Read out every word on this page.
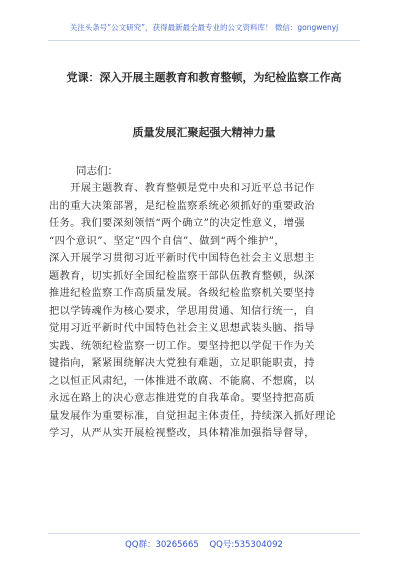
关注头条号“公文研究”，获得最新最全最专业的公文资料库！ 微信：gongwenyj
党课：深入开展主题教育和教育整顿，为纪检监察工作高
质量发展汇聚起强大精神力量
同志们：
　　开展主题教育、教育整顿是党中央和习近平总书记作
出的重大决策部署，是纪检监察系统必须抓好的重要政治
任务。我们要深刻领悟“两个确立”的决定性意义，增强
“四个意识”、坚定“四个自信”、做到“两个维护”，
深入开展学习贯彻习近平新时代中国特色社会主义思想主
题教育，切实抓好全国纪检监察干部队伍教育整顿，纵深
推进纪检监察工作高质量发展。各级纪检监察机关要坚持
把以学铸魂作为核心要求，学思用贯通、知信行统一，自
觉用习近平新时代中国特色社会主义思想武装头脑、指导
实践、统领纪检监察一切工作。要坚持把以学促干作为关
键指向，紧紧围绕解决大党独有难题，立足职能职责，持
之以恒正风肃纪，一体推进不敢腐、不能腐、不想腐，以
永远在路上的决心意志推进党的自我革命。要坚持把高质
量发展作为重要标准，自觉担起主体责任，持续深入抓好理论
学习，从严从实开展检视整改，具体精准加强指导督导，
QQ群：30265665 QQ号:535304092
